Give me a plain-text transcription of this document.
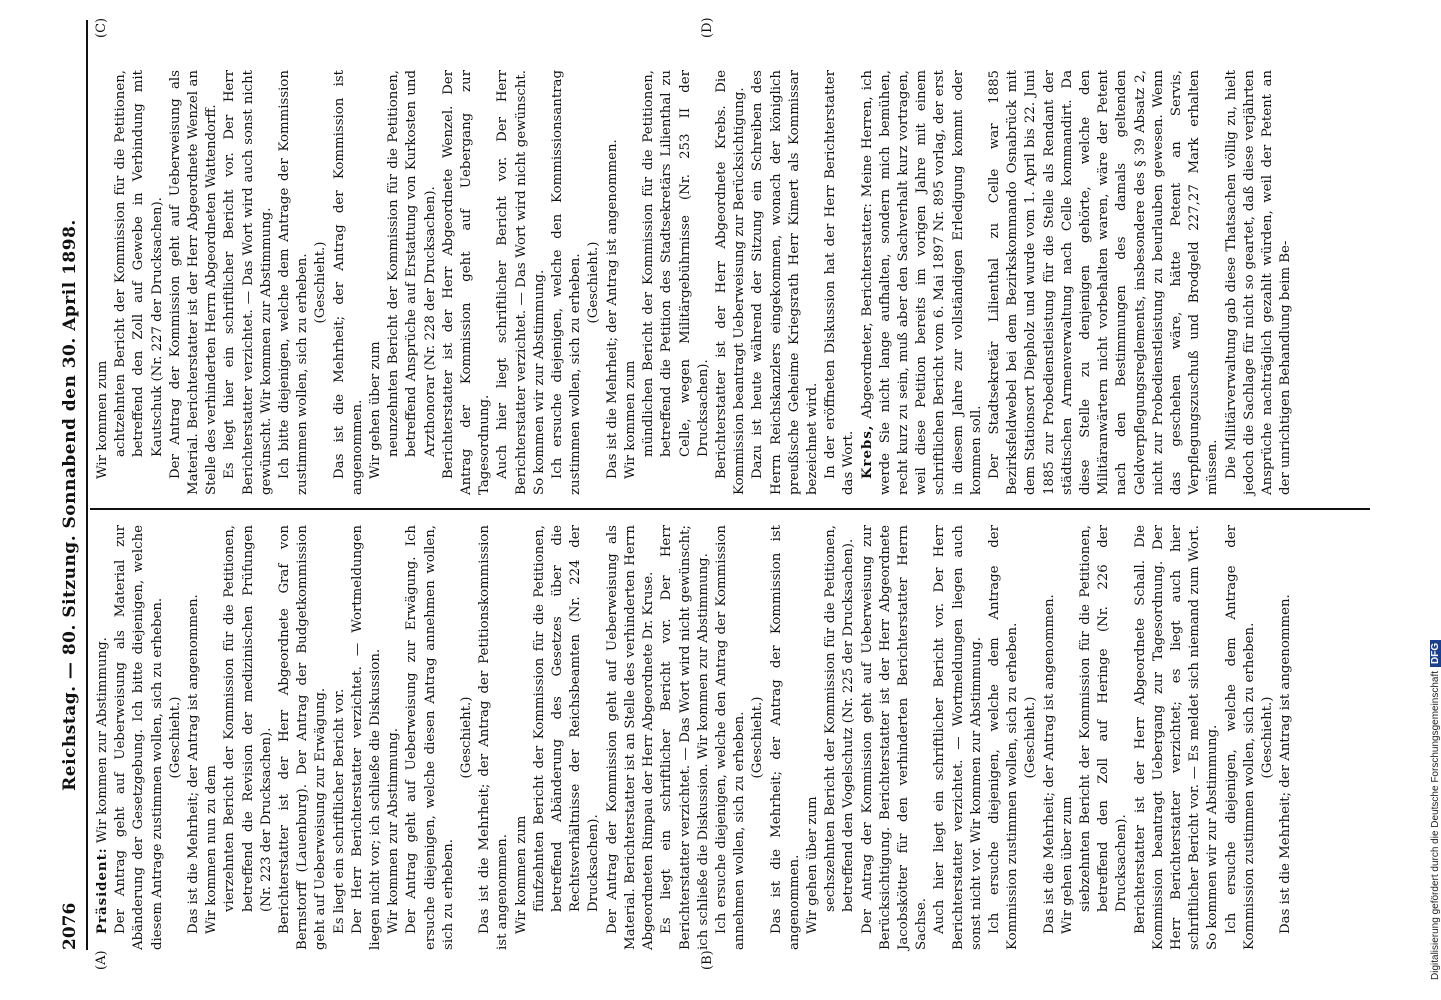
2076
Reichstag. — 80. Sitzung. Sonnabend den 30. April 1898.
(A)	(B)
(C)	(D)

Präsident: Wir kommen zur Abstimmung. Der Antrag geht auf Ueberweisung als Material zur Abänderung der Gesetzgebung. Ich bitte diejenigen, welche diesem Antrage zustimmen wollen, sich zu erheben. (Geschieht.) Das ist die Mehrheit; der Antrag ist angenommen. Wir kommen nun zu dem vierzehnten Bericht der Kommission für die Petitionen, betreffend die Revision der medizinischen Prüfungen (Nr. 223 der Drucksachen). Berichterstatter ist der Herr Abgeordnete Graf von Bernstorff (Lauenburg). Der Antrag der Budgetkommission geht auf Ueberweisung zur Erwägung. Es liegt ein schriftlicher Bericht vor. Der Herr Berichterstatter verzichtet. — Wortmeldungen liegen nicht vor; ich schließe die Diskussion. Wir kommen zur Abstimmung. Der Antrag geht auf Ueberweisung zur Erwägung. Ich ersuche diejenigen, welche diesen Antrag annehmen wollen, sich zu erheben.

(Geschieht.) Das ist die Mehrheit; der Antrag der Petitionskommission ist angenommen. Wir kommen zum fünfzehnten Bericht der Kommission für die Petitionen, betreffend Abänderung des Gesetzes über die Rechtsverhältnisse der Reichsbeamten (Nr. 224 der Drucksachen). Der Antrag der Kommission geht auf Ueberweisung als Material. Berichterstatter ist an Stelle des verhinderten Herrn Abgeordneten Rimpau der Herr Abgeordnete Dr. Kruse. Es liegt ein schriftlicher Bericht vor. Der Herr Berichterstatter verzichtet. — Das Wort wird nicht gewünscht; ich schließe die Diskussion. Wir kommen zur Abstimmung. Ich ersuche diejenigen, welche den Antrag der Kommission annehmen wollen, sich zu erheben. (Geschieht.) Das ist die Mehrheit; der Antrag der Kommission ist angenommen. Wir gehen über zum sechszehnten Bericht der Kommission für die Petitionen, betreffend den Vogelschutz (Nr. 225 der Drucksachen). Der Antrag der Kommission geht auf Ueberweisung zur Berücksichtigung. Berichterstatter ist der Herr Abgeordnete Jacobskötter für den verhinderten Berichterstatter Herrn Sachse. Auch hier liegt ein schriftlicher Bericht vor. Der Herr Berichterstatter verzichtet. — Wortmeldungen liegen auch sonst nicht vor. Wir kommen zur Abstimmung. Ich ersuche diejenigen, welche dem Antrage der Kommission zustimmen wollen, sich zu erheben. (Geschieht.) Das ist die Mehrheit; der Antrag ist angenommen. Wir gehen über zum siebzehnten Bericht der Kommission für die Petitionen, betreffend den Zoll auf Heringe (Nr. 226 der Drucksachen). Berichterstatter ist der Herr Abgeordnete Schall. Die Kommission beantragt Uebergang zur Tagesordnung. Der Herr Berichterstatter verzichtet; es liegt auch hier schriftlicher Bericht vor. — Es meldet sich niemand zum Wort. So kommen wir zur Abstimmung. Ich ersuche diejenigen, welche dem Antrage der Kommission zustimmen wollen, sich zu erheben. (Geschieht.) Das ist die Mehrheit; der Antrag ist angenommen.

Wir kommen zum achtzehnten Bericht der Kommission für die Petitionen, betreffend den Zoll auf Gewebe in Verbindung mit Kautschuk (Nr. 227 der Drucksachen). Der Antrag der Kommission geht auf Ueberweisung als Material. Berichterstatter ist der Herr Abgeordnete Wenzel an Stelle des verhinderten Herrn Abgeordneten Wattendorff. Es liegt hier ein schriftlicher Bericht vor. Der Herr Berichterstatter verzichtet. — Das Wort wird auch sonst nicht gewünscht. Wir kommen zur Abstimmung. Ich bitte diejenigen, welche dem Antrage der Kommission zustimmen wollen, sich zu erheben. (Geschieht.) Das ist die Mehrheit; der Antrag der Kommission ist angenommen. Wir gehen über zum neunzehnten Bericht der Kommission für die Petitionen, betreffend Ansprüche auf Erstattung von Kurkosten und Arzthonorar (Nr. 228 der Drucksachen). Berichterstatter ist der Herr Abgeordnete Wenzel. Der Antrag der Kommission geht auf Uebergang zur Tagesordnung. Auch hier liegt schriftlicher Bericht vor. Der Herr Berichterstatter verzichtet. — Das Wort wird nicht gewünscht. So kommen wir zur Abstimmung. Ich ersuche diejenigen, welche den Kommissionsantrag zustimmen wollen, sich zu erheben. (Geschieht.) Das ist die Mehrheit; der Antrag ist angenommen. Wir kommen zum mündlichen Bericht der Kommission für die Petitionen, betreffend die Petition des Stadtsekretärs Lilienthal zu Celle, wegen Militärgebührnisse (Nr. 253 II der Drucksachen). Berichterstatter ist der Herr Abgeordnete Krebs. Die Kommission beantragt Ueberweisung zur Berücksichtigung. Dazu ist heute während der Sitzung ein Schreiben des Herrn Reichskanzlers eingekommen, wonach der königlich preußische Geheime Kriegsrath Herr Kimert als Kommissar bezeichnet wird. In der eröffneten Diskussion hat der Herr Berichterstatter das Wort. Krebs, Abgeordneter, Berichterstatter: Meine Herren, ich werde Sie nicht lange aufhalten, sondern mich bemühen, recht kurz zu sein, muß aber den Sachverhalt kurz vortragen, weil diese Petition bereits im vorigen Jahre mit einem schriftlichen Bericht vom 6. Mai 1897 Nr. 895 vorlag, der erst in diesem Jahre zur vollständigen Erledigung kommt oder kommen soll. Der Stadtsekretär Lilienthal zu Celle war 1885 Bezirksfeldwebel bei dem Bezirkskommando Osnabrück mit dem Stationsort Diepholz und wurde vom 1. April bis 22. Juni 1885 zur Probedienstleistung für die Stelle als Rendant der städtischen Armenverwaltung nach Celle kommandirt. Da diese Stelle zu denjenigen gehörte, welche den Militäranwärtern nicht vorbehalten waren, wäre der Petent nach den Bestimmungen des damals geltenden Geldverpflegungsreglements, insbesondere des § 39 Absatz 2, nicht zur Probedienstleistung zu beurlauben gewesen. Wenn das geschehen wäre, hätte Petent an Servis, Verpflegungszuschuß und Brodgeld 227,27 Mark erhalten müssen. Die Militärverwaltung gab diese Thatsachen völlig zu, hielt jedoch die Sachlage für nicht so geartet, daß diese verjährten Ansprüche nachträglich gezahlt würden, weil der Petent an der unrichtigen Behandlung beim Be-

Digitalisierung gefördert durch die Deutsche ForschungsgemeinschaftDFG
